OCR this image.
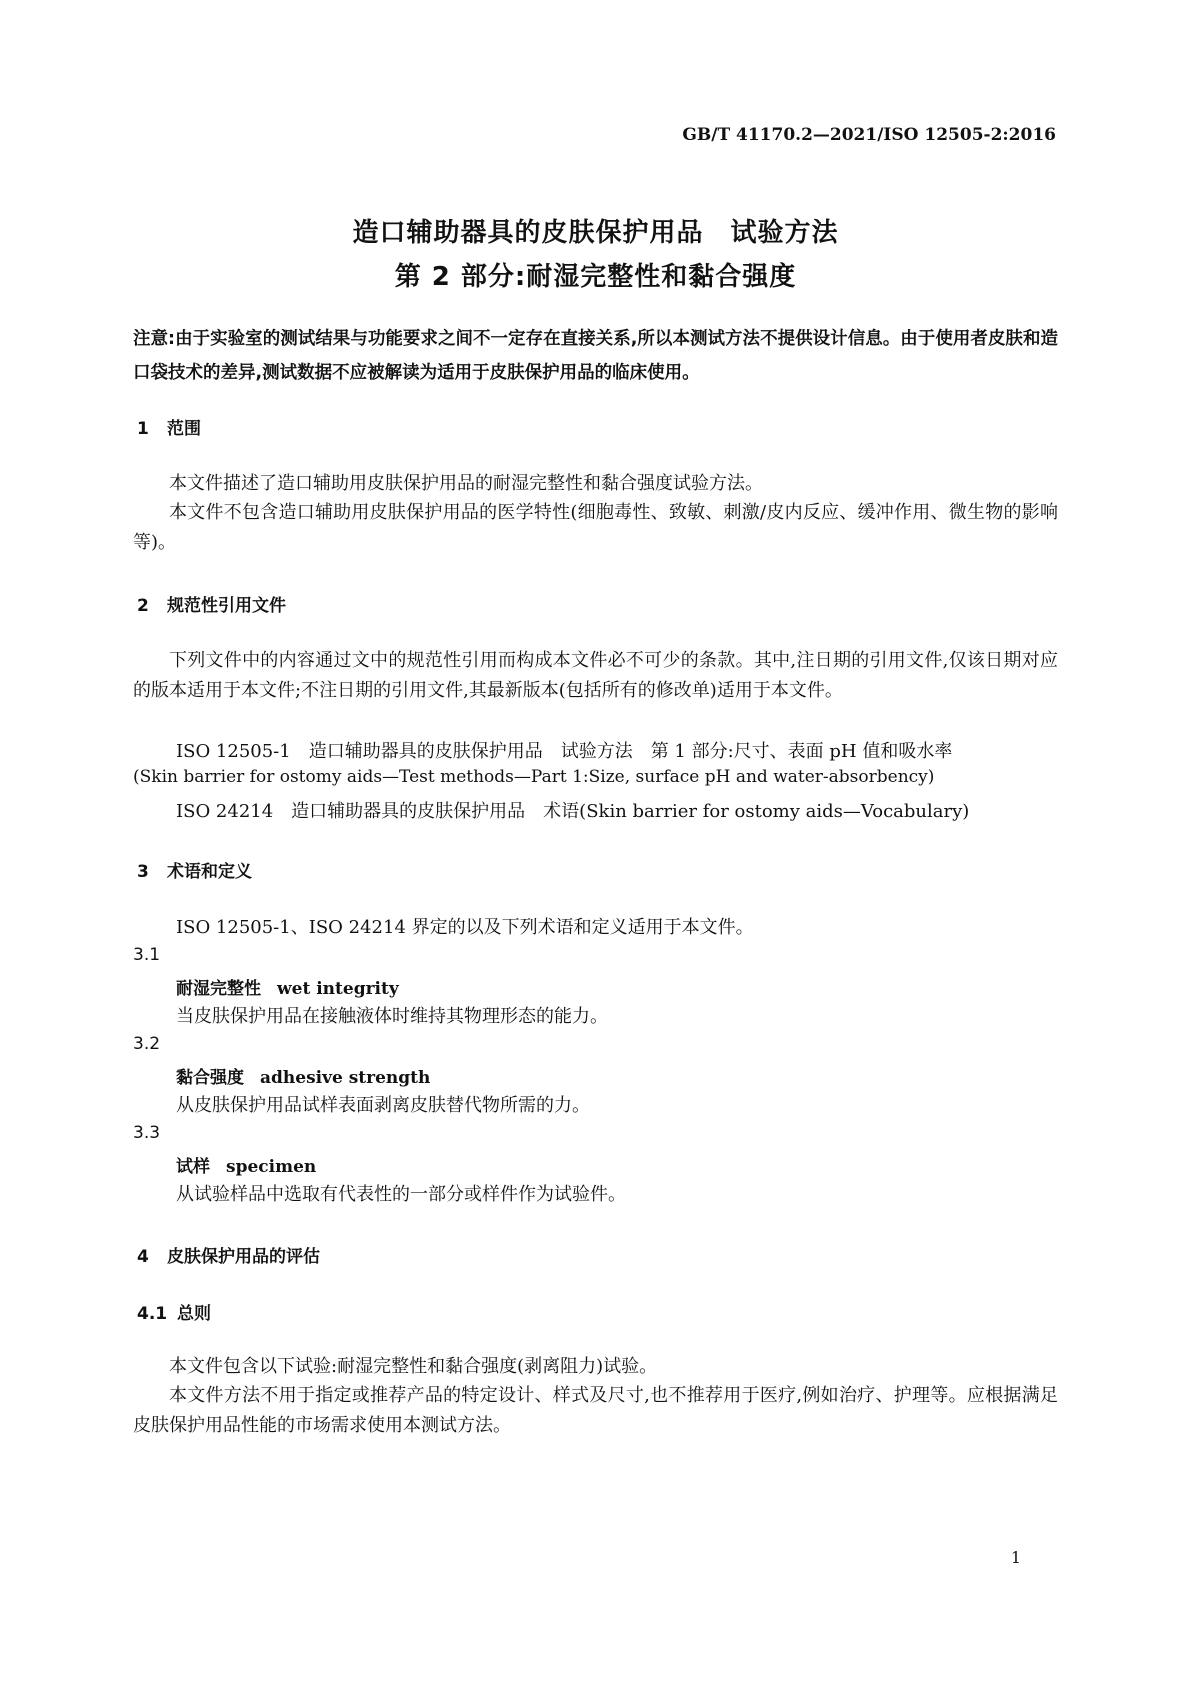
GB/T 41170.2—2021/ISO 12505-2:2016
造口辅助器具的皮肤保护用品　试验方法
第 2 部分:耐湿完整性和黏合强度
注意:由于实验室的测试结果与功能要求之间不一定存在直接关系,所以本测试方法不提供设计信息。由于使用者皮肤和造口袋技术的差异,测试数据不应被解读为适用于皮肤保护用品的临床使用。
1 范围
本文件描述了造口辅助用皮肤保护用品的耐湿完整性和黏合强度试验方法。
本文件不包含造口辅助用皮肤保护用品的医学特性(细胞毒性、致敏、刺激/皮内反应、缓冲作用、微生物的影响等)。
2 规范性引用文件
下列文件中的内容通过文中的规范性引用而构成本文件必不可少的条款。其中,注日期的引用文件,仅该日期对应的版本适用于本文件;不注日期的引用文件,其最新版本(包括所有的修改单)适用于本文件。
ISO 12505-1　造口辅助器具的皮肤保护用品　试验方法　第 1 部分:尺寸、表面 pH 值和吸水率
(Skin barrier for ostomy aids—Test methods—Part 1:Size, surface pH and water-absorbency)
ISO 24214　造口辅助器具的皮肤保护用品　术语(Skin barrier for ostomy aids—Vocabulary)
3 术语和定义
ISO 12505-1、ISO 24214 界定的以及下列术语和定义适用于本文件。
3.1
耐湿完整性 wet integrity
当皮肤保护用品在接触液体时维持其物理形态的能力。
3.2
黏合强度 adhesive strength
从皮肤保护用品试样表面剥离皮肤替代物所需的力。
3.3
试样 specimen
从试验样品中选取有代表性的一部分或样件作为试验件。
4 皮肤保护用品的评估
4.1 总则
本文件包含以下试验:耐湿完整性和黏合强度(剥离阻力)试验。
本文件方法不用于指定或推荐产品的特定设计、样式及尺寸,也不推荐用于医疗,例如治疗、护理等。应根据满足皮肤保护用品性能的市场需求使用本测试方法。
1
